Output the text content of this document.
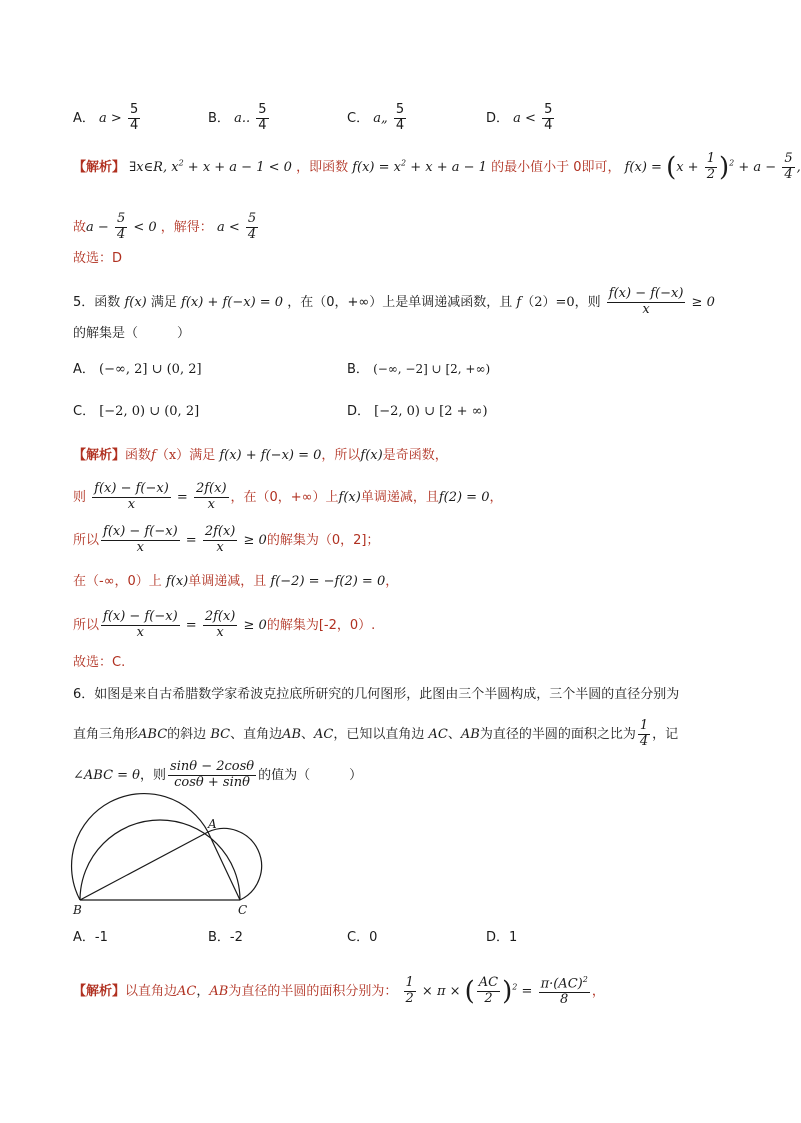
A． $a > \frac{5}{4}$	B． a.. $\frac{5}{4}$	C． a„ $\frac{5}{4}$	D． $a < \frac{5}{4}$
【解析】 ∃x∈R, $x^2 + x + a - 1 < 0$ ，即函数 $f(x) = x^2 + x + a - 1$ 的最小值小于 0即可， $f(x) = (x + \frac{1}{2} )^2 + a - \frac{5}{4}$ ,
故$a - \frac{5}{4} < 0$ ，解得： $a < \frac{5}{4}$
故选：D
5．函数 f(x) 满足 f(x) + f(−x) = 0 ，在（0，+∞）上是单调递减函数，且 f（2）=0，则 $\frac{f(x) - f(-x)}{x} \ge 0$
的解集是（　　　）
A． (−∞, 2] ∪ (0, 2]	B． (−∞, −2] ∪ [2, +∞)
C． [−2, 0) ∪ (0, 2]	D． [−2, 0) ∪ [2 + ∞)
【解析】函数f（x）满足 f(x) + f(−x) = 0，所以f(x)是奇函数，
则 $\frac{f(x) - f(-x)}{x} = \frac{2f(x)}{x}$ ，在（0，+∞）上f(x)单调递减，且f(2) = 0，
所以 $\frac{f(x) - f(-x)}{x} = \frac{2f(x)}{x} \ge 0$的解集为（0，2]；
在（-∞，0）上 f(x)单调递减，且 f(−2) = −f(2) = 0，
所以 $\frac{f(x) - f(-x)}{x} = \frac{2f(x)}{x} \ge 0$的解集为[-2，0）.
故选：C.
6．如图是来自古希腊数学家希波克拉底所研究的几何图形，此图由三个半圆构成，三个半圆的直径分别为
直角三角形ABC的斜边 BC、直角边AB、AC，已知以直角边 AC、AB为直径的半圆的面积之比为 $\frac{1}{4}$ ，记
∠ABC = θ，则 $\frac{\sin\theta - 2\cos\theta}{\cos\theta + \sin\theta}$ 的值为（　　　）
A
B	C
A．-1	B．-2	C．0	D．1
【解析】以直角边AC，AB为直径的半圆的面积分别为： $\frac{1}{2} \times \pi$ × ( $\frac{AC}{2} )^2 = \frac{\pi\cdot(AC)^2}{8}$ ，
